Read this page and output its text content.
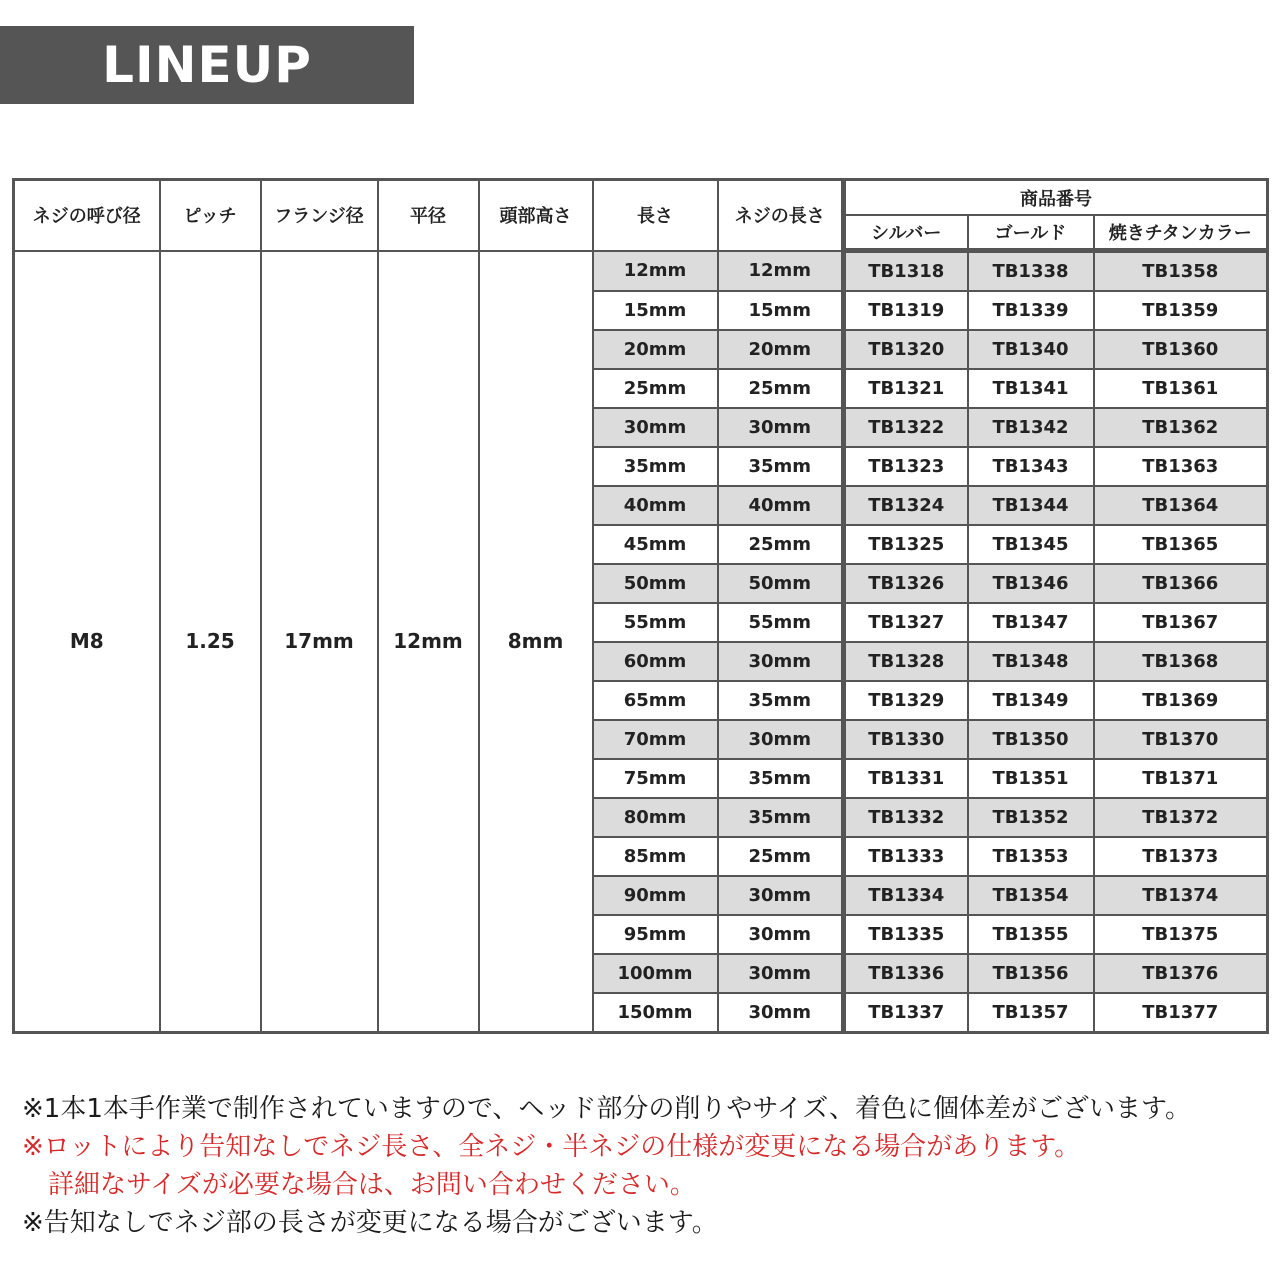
LINEUP
ネジの呼び径	ピッチ	フランジ径	平径	頭部高さ	長さ	ネジの長さ	商品番号		
							シルバー	ゴールド	焼きチタンカラー
M8	1.25	17mm	12mm	8mm	12mm	12mm	TB1318	TB1338	TB1358
					15mm	15mm	TB1319	TB1339	TB1359
					20mm	20mm	TB1320	TB1340	TB1360
					25mm	25mm	TB1321	TB1341	TB1361
					30mm	30mm	TB1322	TB1342	TB1362
					35mm	35mm	TB1323	TB1343	TB1363
					40mm	40mm	TB1324	TB1344	TB1364
					45mm	25mm	TB1325	TB1345	TB1365
					50mm	50mm	TB1326	TB1346	TB1366
					55mm	55mm	TB1327	TB1347	TB1367
					60mm	30mm	TB1328	TB1348	TB1368
					65mm	35mm	TB1329	TB1349	TB1369
					70mm	30mm	TB1330	TB1350	TB1370
					75mm	35mm	TB1331	TB1351	TB1371
					80mm	35mm	TB1332	TB1352	TB1372
					85mm	25mm	TB1333	TB1353	TB1373
					90mm	30mm	TB1334	TB1354	TB1374
					95mm	30mm	TB1335	TB1355	TB1375
					100mm	30mm	TB1336	TB1356	TB1376
					150mm	30mm	TB1337	TB1357	TB1377

※1本1本手作業で制作されていますので、ヘッド部分の削りやサイズ、着色に個体差がございます。

※ロットにより告知なしでネジ長さ、全ネジ・半ネジの仕様が変更になる場合があります。

詳細なサイズが必要な場合は、お問い合わせください。

※告知なしでネジ部の長さが変更になる場合がございます。
